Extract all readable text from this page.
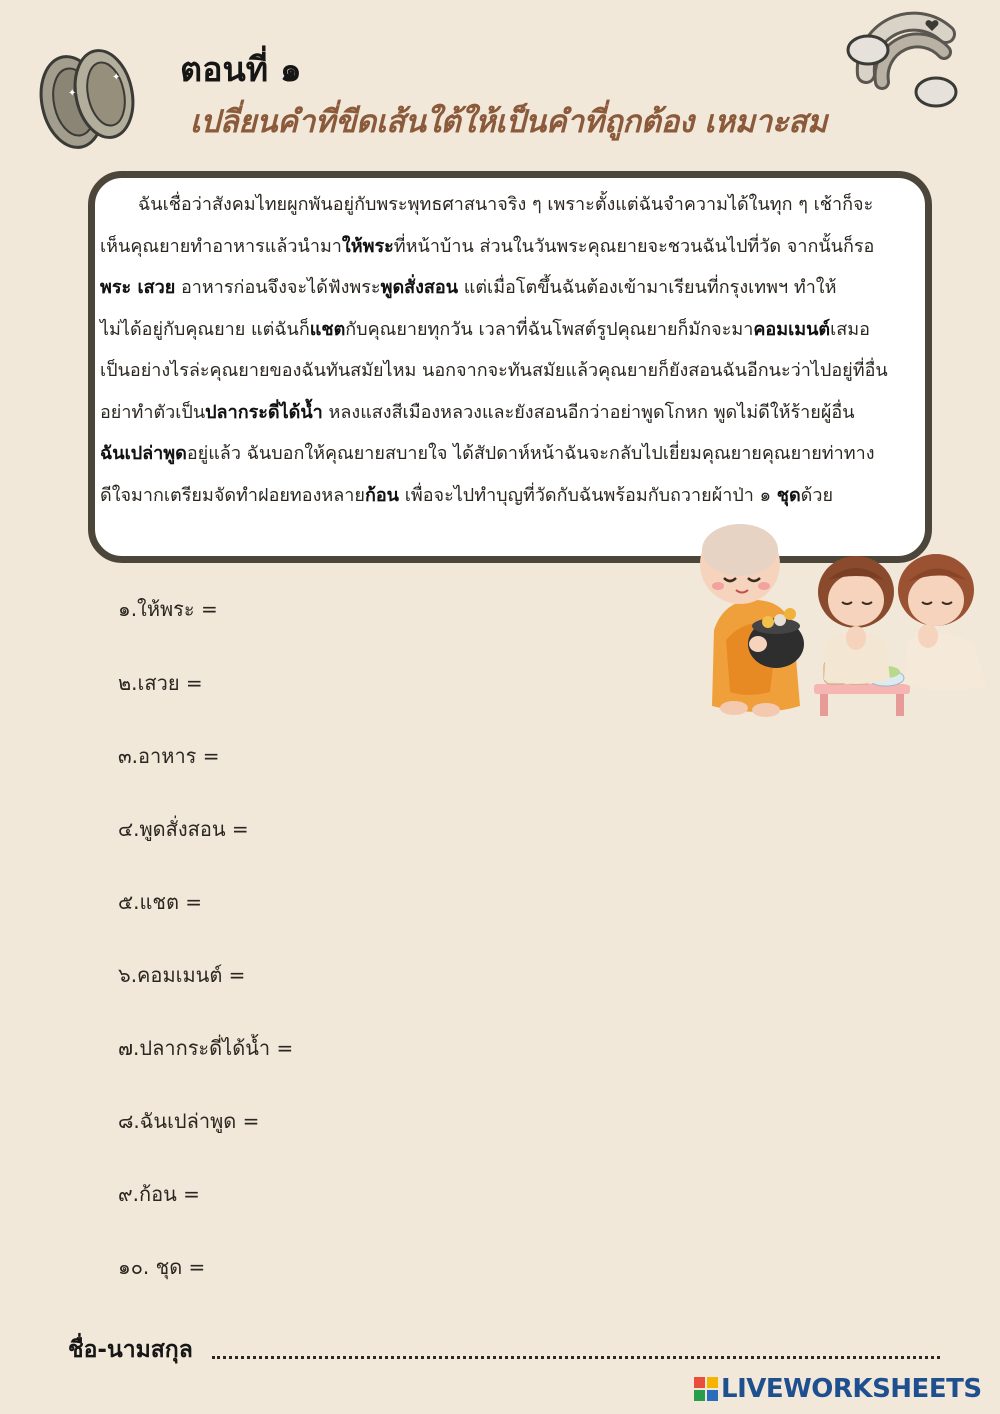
✦
✦ ตอนที่ ๑
เปลี่ยนคำที่ขีดเส้นใต้ให้เป็นคำที่ถูกต้อง เหมาะสม
ฉันเชื่อว่าสังคมไทยผูกพันอยู่กับพระพุทธศาสนาจริง ๆ เพราะตั้งแต่ฉันจำความได้ในทุก ๆ เช้าก็จะ
เห็นคุณยายทำอาหารแล้วนำมาให้พระที่หน้าบ้าน ส่วนในวันพระคุณยายจะชวนฉันไปที่วัด จากนั้นก็รอ
พระ เสวย อาหารก่อนจึงจะได้ฟังพระพูดสั่งสอน แต่เมื่อโตขึ้นฉันต้องเข้ามาเรียนที่กรุงเทพฯ ทำให้
ไม่ได้อยู่กับคุณยาย แต่ฉันก็แชตกับคุณยายทุกวัน เวลาที่ฉันโพสต์รูปคุณยายก็มักจะมาคอมเมนต์เสมอ
เป็นอย่างไรล่ะคุณยายของฉันทันสมัยไหม นอกจากจะทันสมัยแล้วคุณยายก็ยังสอนฉันอีกนะว่าไปอยู่ที่อื่น
อย่าทำตัวเป็นปลากระดี่ได้น้ำ หลงแสงสีเมืองหลวงและยังสอนอีกว่าอย่าพูดโกหก พูดไม่ดีให้ร้ายผู้อื่น
ฉันเปล่าพูดอยู่แล้ว ฉันบอกให้คุณยายสบายใจ ได้สัปดาห์หน้าฉันจะกลับไปเยี่ยมคุณยายคุณยายท่าทาง
ดีใจมากเตรียมจัดทำฝอยทองหลายก้อน เพื่อจะไปทำบุญที่วัดกับฉันพร้อมกับถวายผ้าป่า ๑ ชุดด้วย
๑.ให้พระ =
๒.เสวย =
๓.อาหาร =
๔.พูดสั่งสอน =
๕.แชต =
๖.คอมเมนต์ =
๗.ปลากระดี่ได้น้ำ =
๘.ฉันเปล่าพูด =
๙.ก้อน =
๑๐. ชุด =
ชื่อ-นามสกุล
LIVEWORKSHEETS
